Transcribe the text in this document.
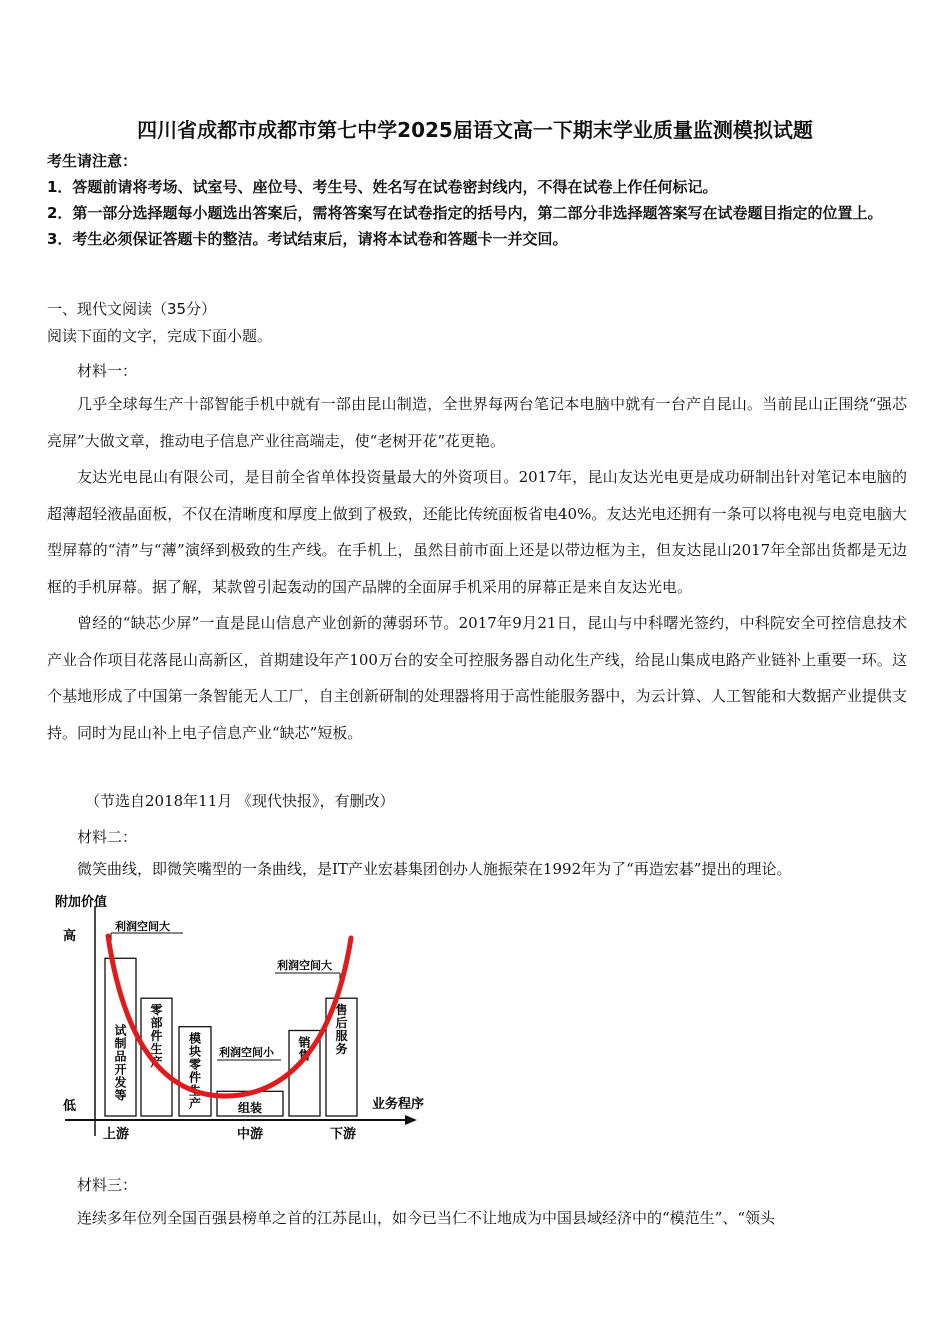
四川省成都市成都市第七中学2025届语文高一下期末学业质量监测模拟试题
考生请注意：
1．答题前请将考场、试室号、座位号、考生号、姓名写在试卷密封线内，不得在试卷上作任何标记。
2．第一部分选择题每小题选出答案后，需将答案写在试卷指定的括号内，第二部分非选择题答案写在试卷题目指定的位置上。
3．考生必须保证答题卡的整洁。考试结束后，请将本试卷和答题卡一并交回。
一、现代文阅读（35分）
阅读下面的文字，完成下面小题。
材料一：

几乎全球每生产十部智能手机中就有一部由昆山制造，全世界每两台笔记本电脑中就有一台产自昆山。当前昆山正围绕“强芯亮屏”大做文章，推动电子信息产业往高端走，使“老树开花”花更艳。

友达光电昆山有限公司，是目前全省单体投资量最大的外资项目。2017年，昆山友达光电更是成功研制出针对笔记本电脑的超薄超轻液晶面板，不仅在清晰度和厚度上做到了极致，还能比传统面板省电40%。友达光电还拥有一条可以将电视与电竞电脑大型屏幕的“清”与“薄”演绎到极致的生产线。在手机上，虽然目前市面上还是以带边框为主，但友达昆山2017年全部出货都是无边框的手机屏幕。据了解，某款曾引起轰动的国产品牌的全面屏手机采用的屏幕正是来自友达光电。

曾经的“缺芯少屏”一直是昆山信息产业创新的薄弱环节。2017年9月21日，昆山与中科曙光签约，中科院安全可控信息技术产业合作项目花落昆山高新区，首期建设年产100万台的安全可控服务器自动化生产线，给昆山集成电路产业链补上重要一环。这个基地形成了中国第一条智能无人工厂，自主创新研制的处理器将用于高性能服务器中，为云计算、人工智能和大数据产业提供支持。同时为昆山补上电子信息产业“缺芯”短板。

（节选自2018年11月 《现代快报》，有删改）
材料二：

微笑曲线，即微笑嘴型的一条曲线，是IT产业宏碁集团创办人施振荣在1992年为了“再造宏碁”提出的理论。

附加价值
高
低	业务程序
上游	中游	下游
试制品开发等
零部件生产
模块零件生产	组装
销售
售后服务
利润空间大
利润空间小
利润空间大
材料三：

连续多年位列全国百强县榜单之首的江苏昆山，如今已当仁不让地成为中国县域经济中的“模范生”、“领头
